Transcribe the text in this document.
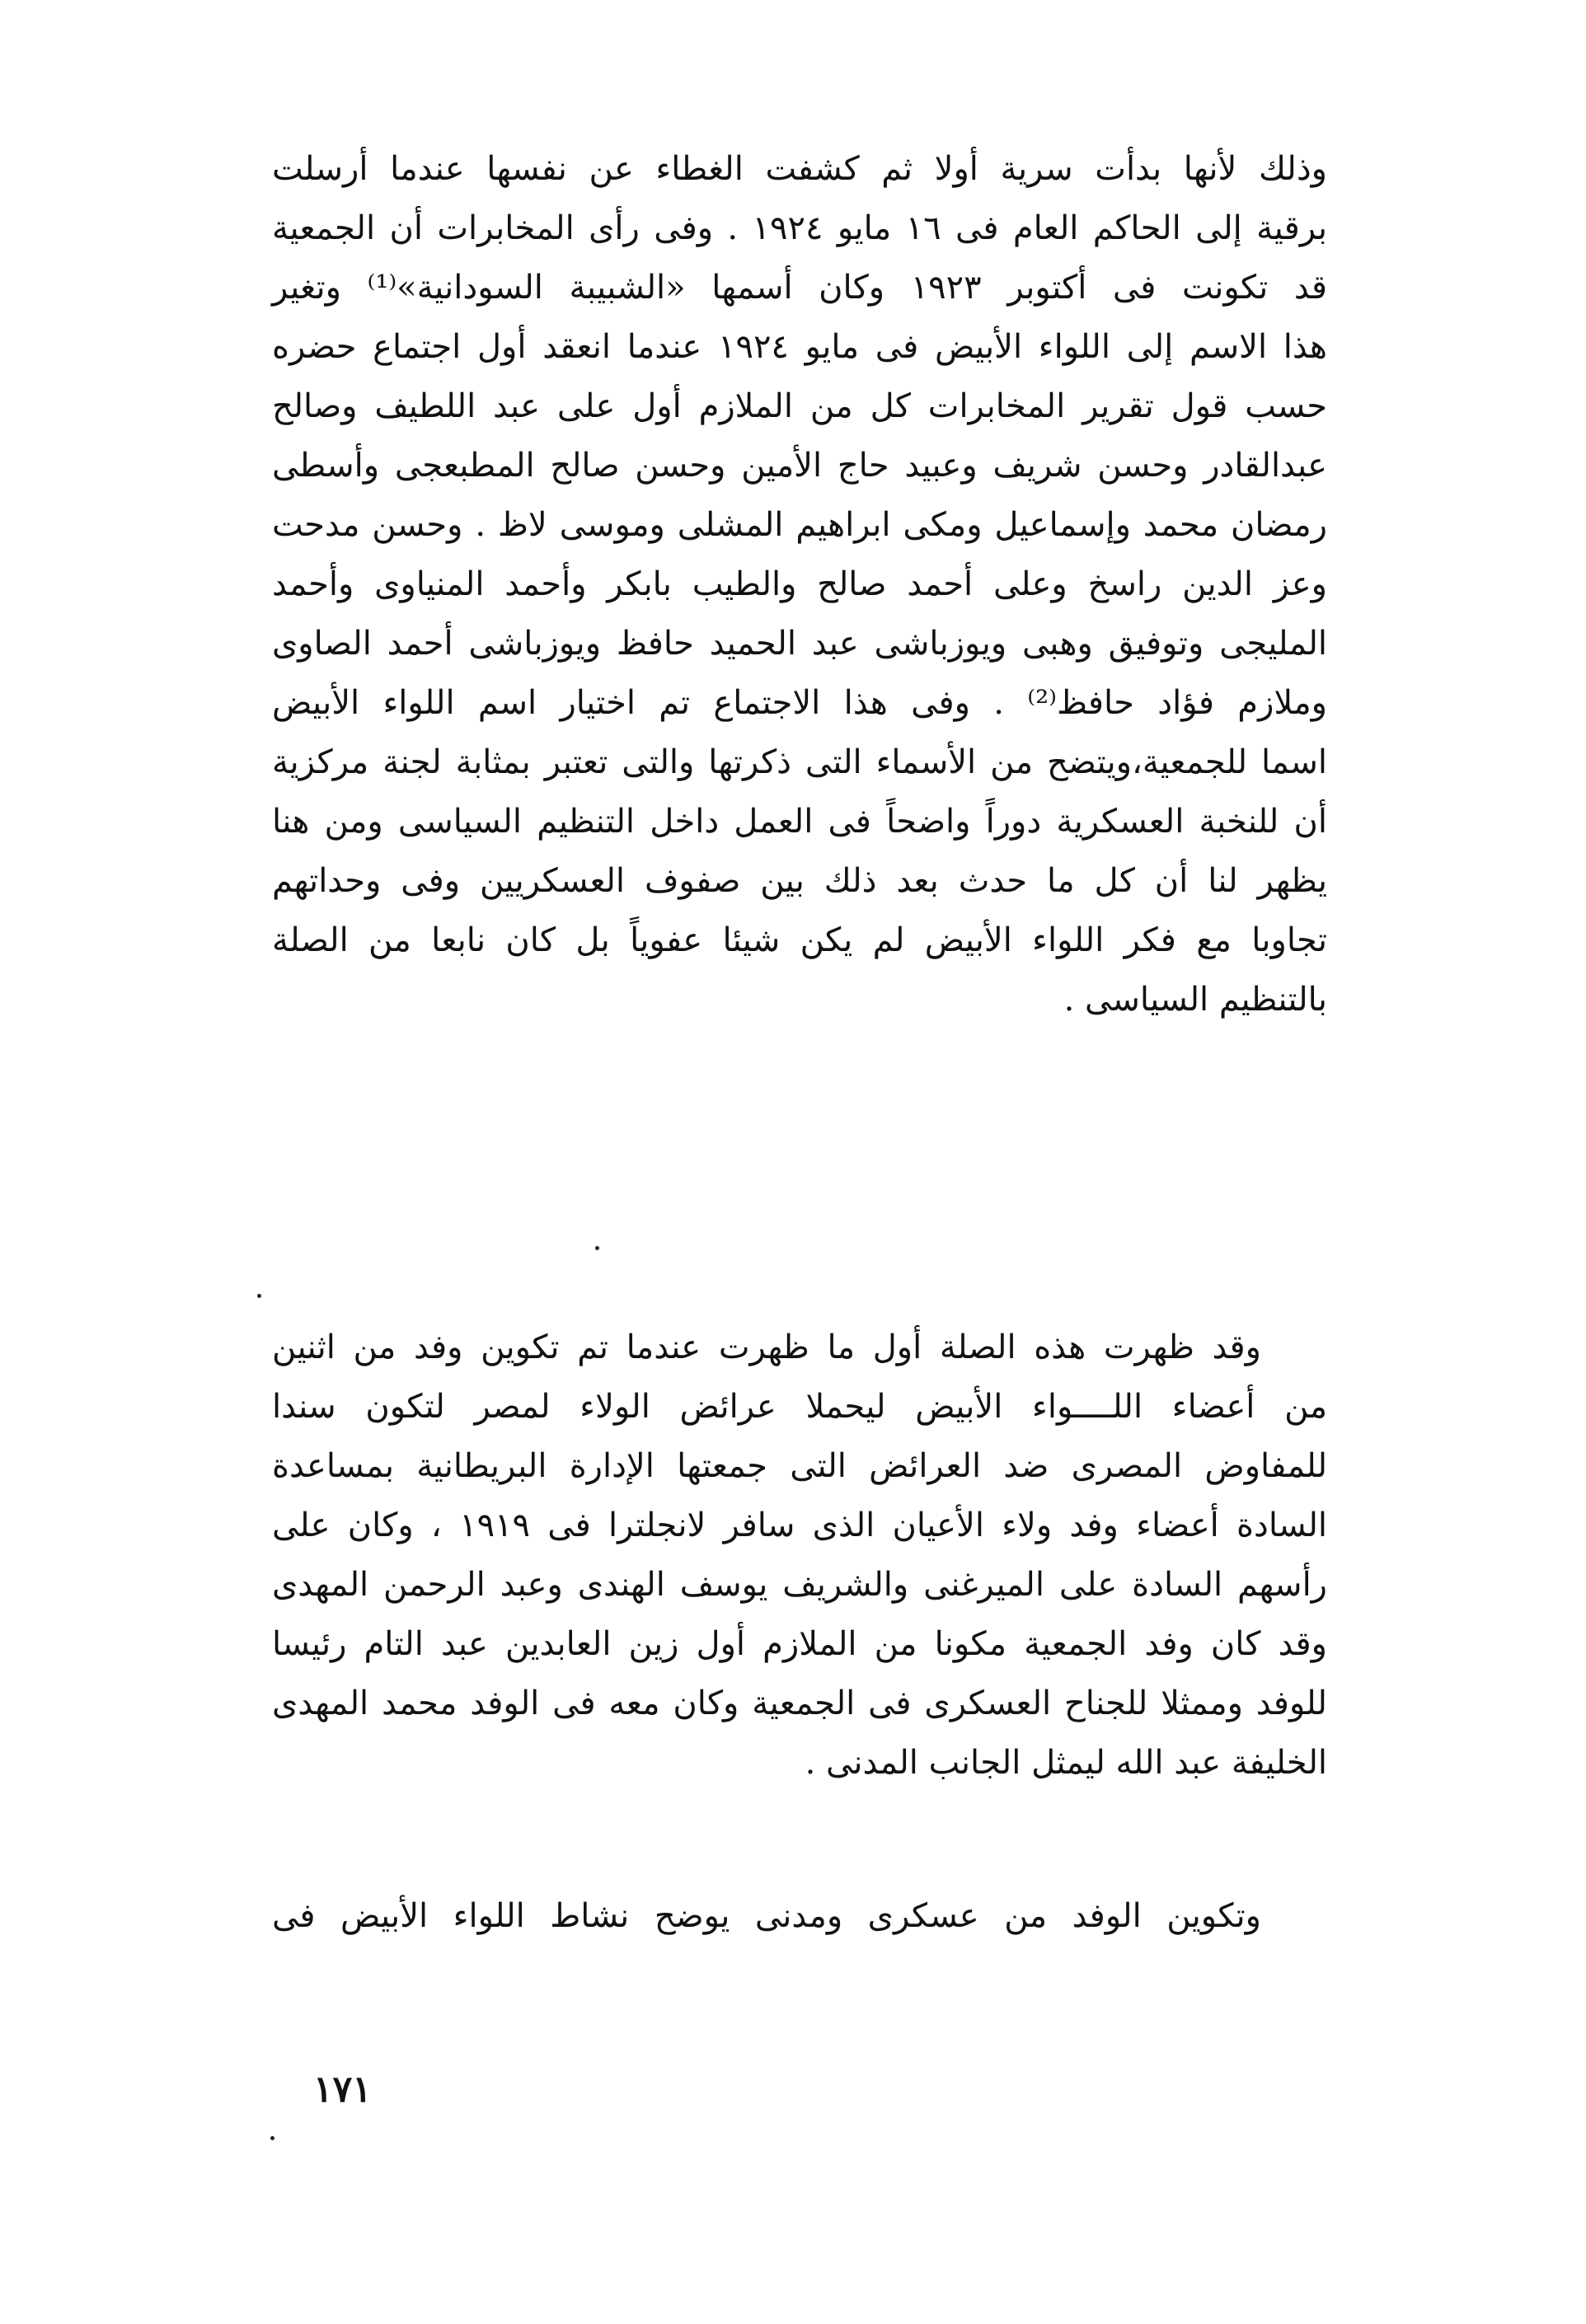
وذلك لأنها بدأت سرية أولا ثم كشفت الغطاء عن نفسها عندما أرسلت
برقية إلى الحاكم العام فى ١٦ مايو ١٩٢٤ . وفى رأى المخابرات أن الجمعية
قد تكونت فى أكتوبر ١٩٢٣ وكان أسمها «الشبيبة السودانية»⁽¹⁾ وتغير
هذا الاسم إلى اللواء الأبيض فى مايو ١٩٢٤ عندما انعقد أول اجتماع حضره
حسب قول تقرير المخابرات كل من الملازم أول على عبد اللطيف وصالح
عبدالقادر وحسن شريف وعبيد حاج الأمين وحسن صالح المطبعجى وأسطى
رمضان محمد وإسماعيل ومكى ابراهيم المشلى وموسى لاظ . وحسن مدحت
وعز الدين راسخ وعلى أحمد صالح والطيب بابكر وأحمد المنياوى وأحمد
المليجى وتوفيق وهبى ويوزباشى عبد الحميد حافظ ويوزباشى أحمد الصاوى
وملازم فؤاد حافظ⁽²⁾ . وفى هذا الاجتماع تم اختيار اسم اللواء الأبيض
اسما للجمعية،ويتضح من الأسماء التى ذكرتها والتى تعتبر بمثابة لجنة مركزية
أن للنخبة العسكرية دوراً واضحاً فى العمل داخل التنظيم السياسى ومن هنا
يظهر لنا أن كل ما حدث بعد ذلك بين صفوف العسكريين وفى وحداتهم
تجاوبا مع فكر اللواء الأبيض لم يكن شيئا عفوياً بل كان نابعا من الصلة
بالتنظيم السياسى .
وقد ظهرت هذه الصلة أول ما ظهرت عندما تم تكوين وفد من اثنين
من أعضاء اللــــواء الأبيض ليحملا عرائض الولاء لمصر لتكون سندا
للمفاوض المصرى ضد العرائض التى جمعتها الإدارة البريطانية بمساعدة
السادة أعضاء وفد ولاء الأعيان الذى سافر لانجلترا فى ١٩١٩ ، وكان على
رأسهم السادة على الميرغنى والشريف يوسف الهندى وعبد الرحمن المهدى
وقد كان وفد الجمعية مكونا من الملازم أول زين العابدين عبد التام رئيسا
للوفد وممثلا للجناح العسكرى فى الجمعية وكان معه فى الوفد محمد المهدى
الخليفة عبد الله ليمثل الجانب المدنى .
وتكوين الوفد من عسكرى ومدنى يوضح نشاط اللواء الأبيض فى
١٧١
